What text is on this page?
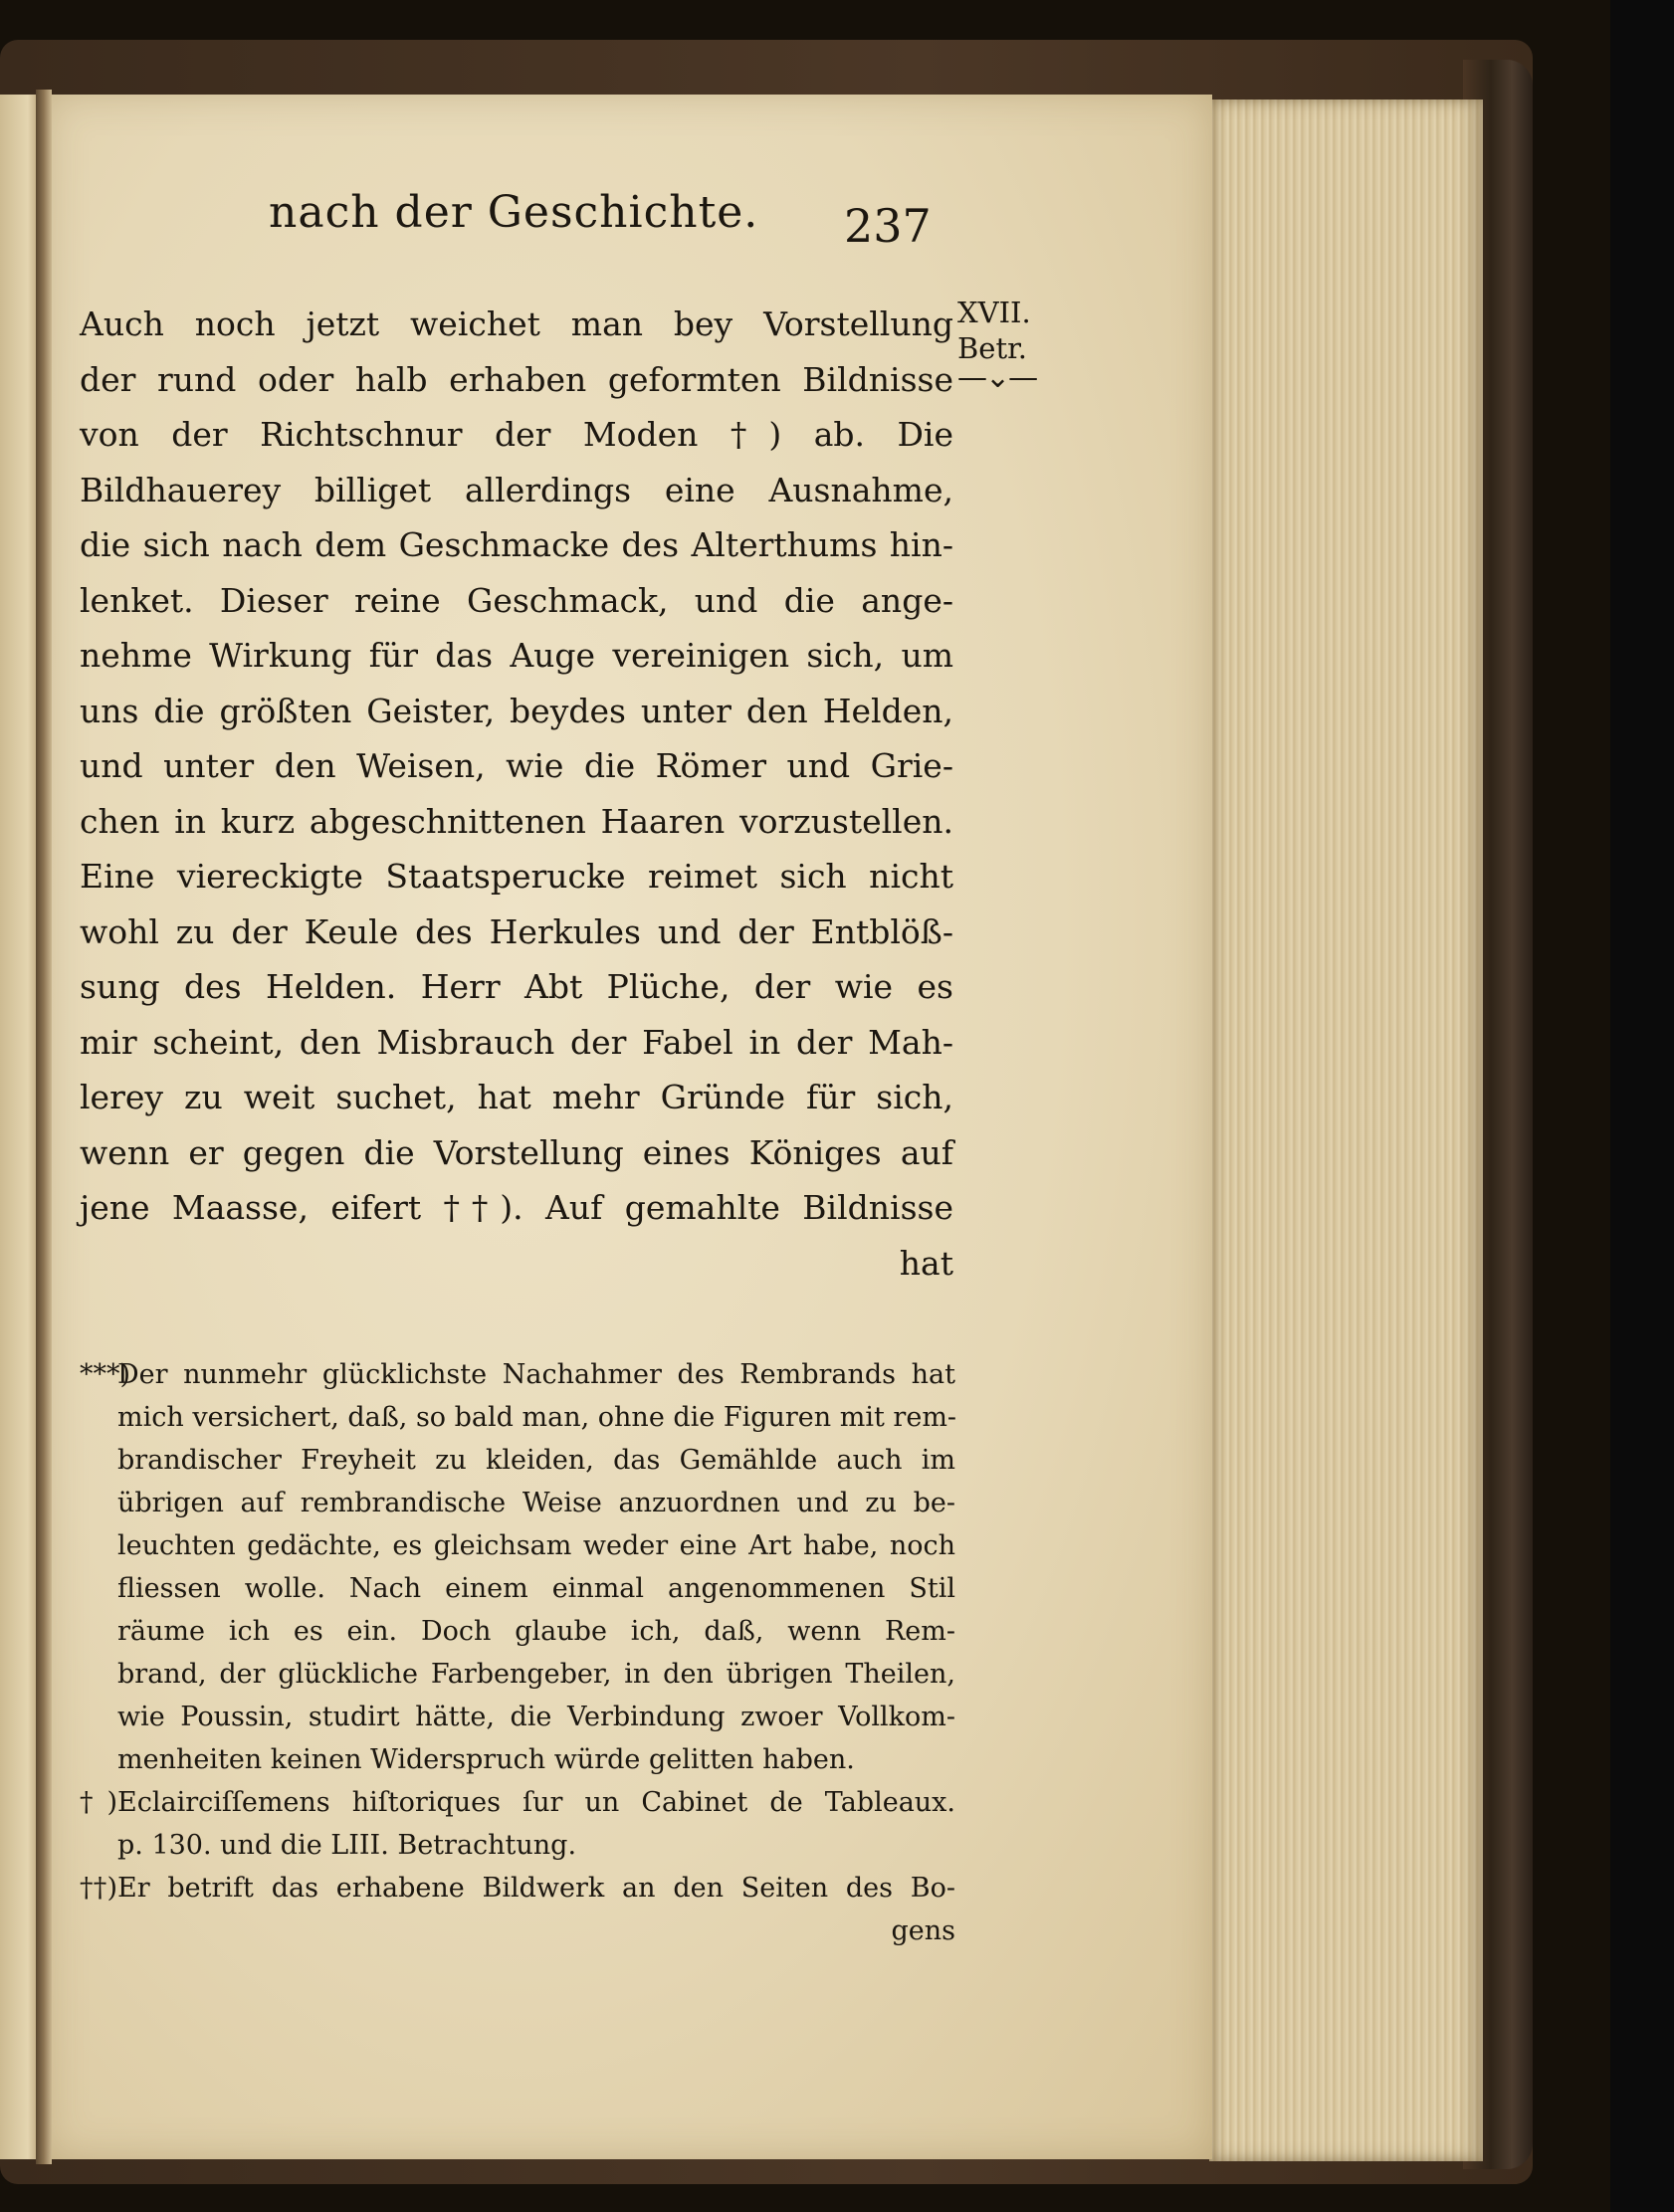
nach der Geschichte.	237
XVII.
Betr.
—⌄—
Auch noch jetzt weichet man bey Vorstellung
der rund oder halb erhaben geformten Bildnisse
von der Richtschnur der Moden †) ab. Die
Bildhauerey billiget allerdings eine Ausnahme,
die sich nach dem Geschmacke des Alterthums hin-
lenket. Dieser reine Geschmack, und die ange-
nehme Wirkung für das Auge vereinigen sich, um
uns die größten Geister, beydes unter den Helden,
und unter den Weisen, wie die Römer und Grie-
chen in kurz abgeschnittenen Haaren vorzustellen.
Eine viereckigte Staatsperucke reimet sich nicht
wohl zu der Keule des Herkules und der Entblöß-
sung des Helden. Herr Abt Plüche, der wie es
mir scheint, den Misbrauch der Fabel in der Mah-
lerey zu weit suchet, hat mehr Gründe für sich,
wenn er gegen die Vorstellung eines Königes auf
jene Maasse, eifert ††). Auf gemahlte Bildnisse
hat
***)Der nunmehr glücklichste Nachahmer des Rembrands hat
mich versichert, daß, so bald man, ohne die Figuren mit rem-
brandischer Freyheit zu kleiden, das Gemählde auch im
übrigen auf rembrandische Weise anzuordnen und zu be-
leuchten gedächte, es gleichsam weder eine Art habe, noch
fliessen wolle. Nach einem einmal angenommenen Stil
räume ich es ein. Doch glaube ich, daß, wenn Rem-
brand, der glückliche Farbengeber, in den übrigen Theilen,
wie Poussin, studirt hätte, die Verbindung zwoer Vollkom-
menheiten keinen Widerspruch würde gelitten haben.
†)Eclairciſſemens hiſtoriques ſur un Cabinet de Tableaux.
p. 130. und die LIII. Betrachtung.
††)Er betrift das erhabene Bildwerk an den Seiten des Bo-
gens
